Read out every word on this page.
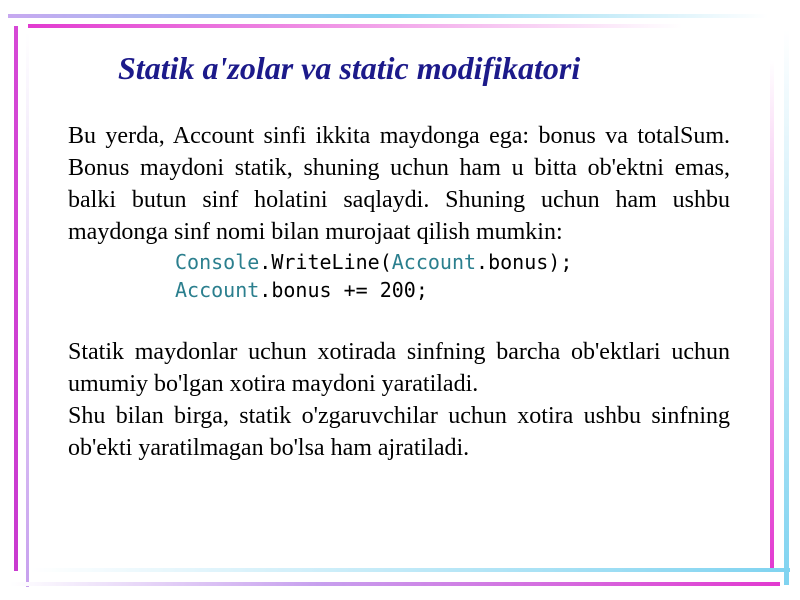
Statik a'zolar va static modifikatori

Bu yerda, Account sinfi ikkita maydonga ega: bonus va totalSum. Bonus maydoni statik, shuning uchun ham u bitta ob'ektni emas, balki butun sinf holatini saqlaydi. Shuning uchun ham ushbu maydonga sinf nomi bilan murojaat qilish mumkin:

Console.WriteLine(Account.bonus);
Account.bonus += 200;

Statik maydonlar uchun xotirada sinfning barcha ob'ektlari uchun umumiy bo'lgan xotira maydoni yaratiladi.

Shu bilan birga, statik o'zgaruvchilar uchun xotira ushbu sinfning ob'ekti yaratilmagan bo'lsa ham ajratiladi.
